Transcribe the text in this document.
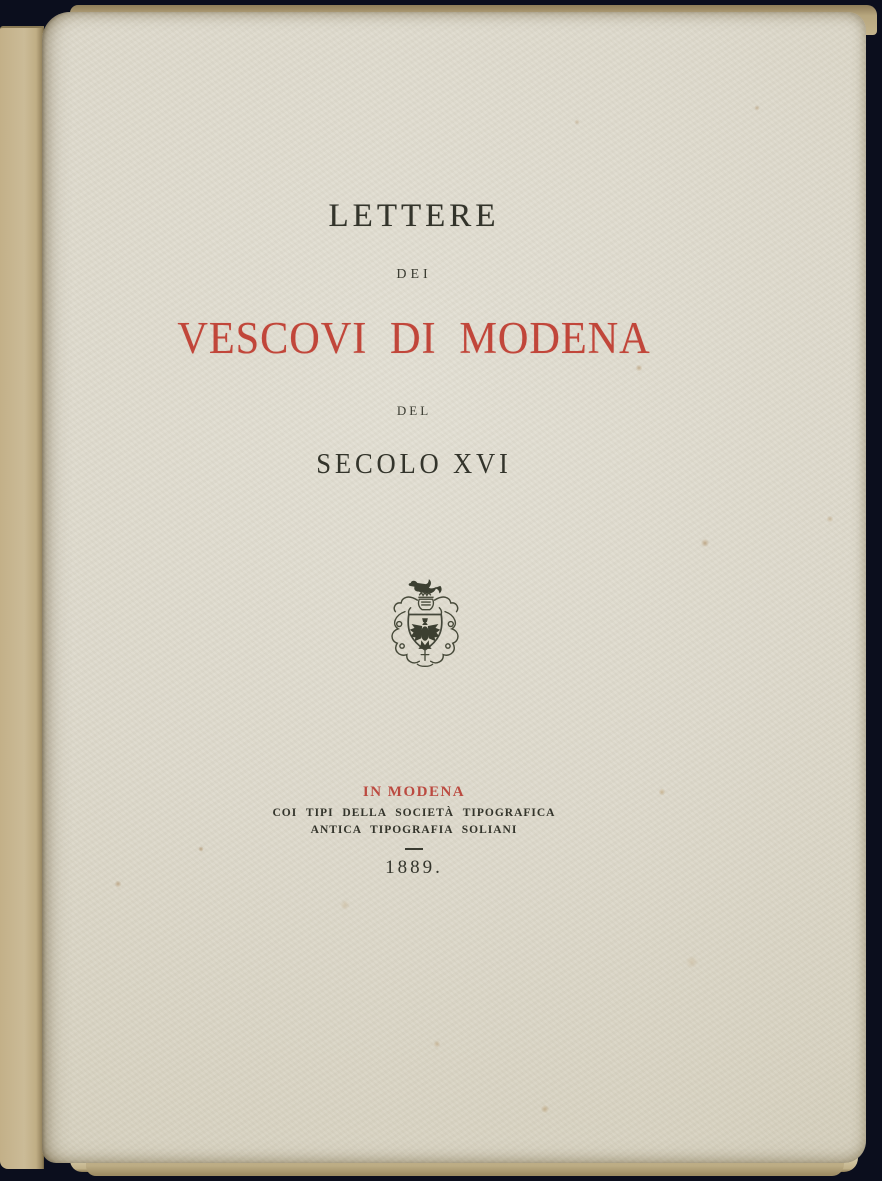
LETTERE
DEI
VESCOVI DI MODENA
DEL
SECOLO XVI
IN MODENA
COI TIPI DELLA SOCIETÀ TIPOGRAFICA
ANTICA TIPOGRAFIA SOLIANI
1889.
